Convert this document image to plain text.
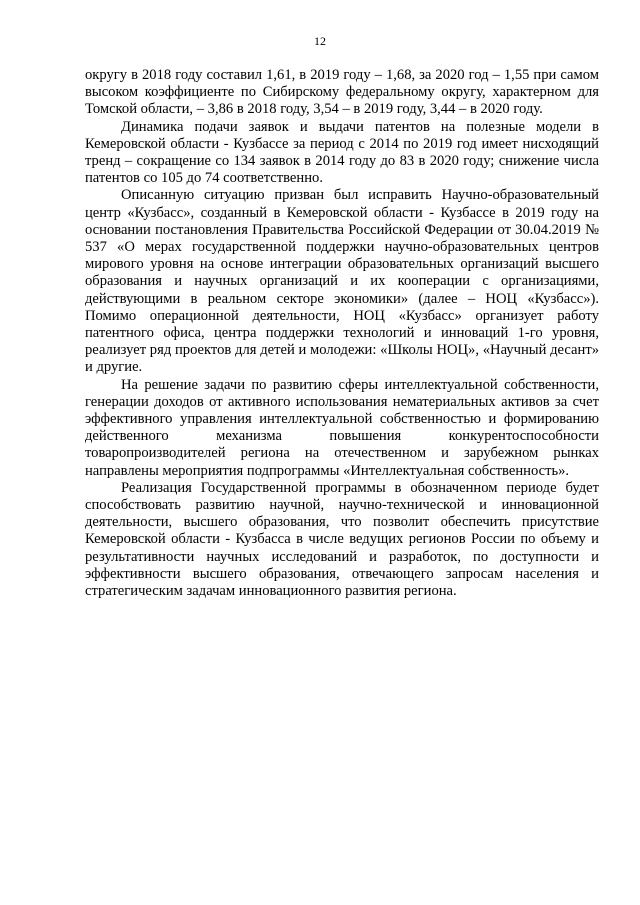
12

округу в 2018 году составил 1,61, в 2019 году – 1,68, за 2020 год – 1,55 при самом высоком коэффициенте по Сибирскому федеральному округу, характерном для Томской области, – 3,86 в 2018 году, 3,54 – в 2019 году, 3,44 – в 2020 году.

Динамика подачи заявок и выдачи патентов на полезные модели в Кемеровской области - Кузбассе за период с 2014 по 2019 год имеет нисходящий тренд – сокращение со 134 заявок в 2014 году до 83 в 2020 году; снижение числа патентов со 105 до 74 соответственно.

Описанную ситуацию призван был исправить Научно-образовательный центр «Кузбасс», созданный в Кемеровской области - Кузбассе в 2019 году на основании постановления Правительства Российской Федерации от 30.04.2019 № 537 «О мерах государственной поддержки научно-образовательных центров мирового уровня на основе интеграции образовательных организаций высшего образования и научных организаций и их кооперации с организациями, действующими в реальном секторе экономики» (далее – НОЦ «Кузбасс»). Помимо операционной деятельности, НОЦ «Кузбасс» организует работу патентного офиса, центра поддержки технологий и инноваций 1-го уровня, реализует ряд проектов для детей и молодежи: «Школы НОЦ», «Научный десант» и другие.

На решение задачи по развитию сферы интеллектуальной собственности, генерации доходов от активного использования нематериальных активов за счет эффективного управления интеллектуальной собственностью и формированию действенного механизма повышения конкурентоспособности товаропроизводителей региона на отечественном и зарубежном рынках направлены мероприятия подпрограммы «Интеллектуальная собственность».

Реализация Государственной программы в обозначенном периоде будет способствовать развитию научной, научно-технической и инновационной деятельности, высшего образования, что позволит обеспечить присутствие Кемеровской области - Кузбасса в числе ведущих регионов России по объему и результативности научных исследований и разработок, по доступности и эффективности высшего образования, отвечающего запросам населения и стратегическим задачам инновационного развития региона.
